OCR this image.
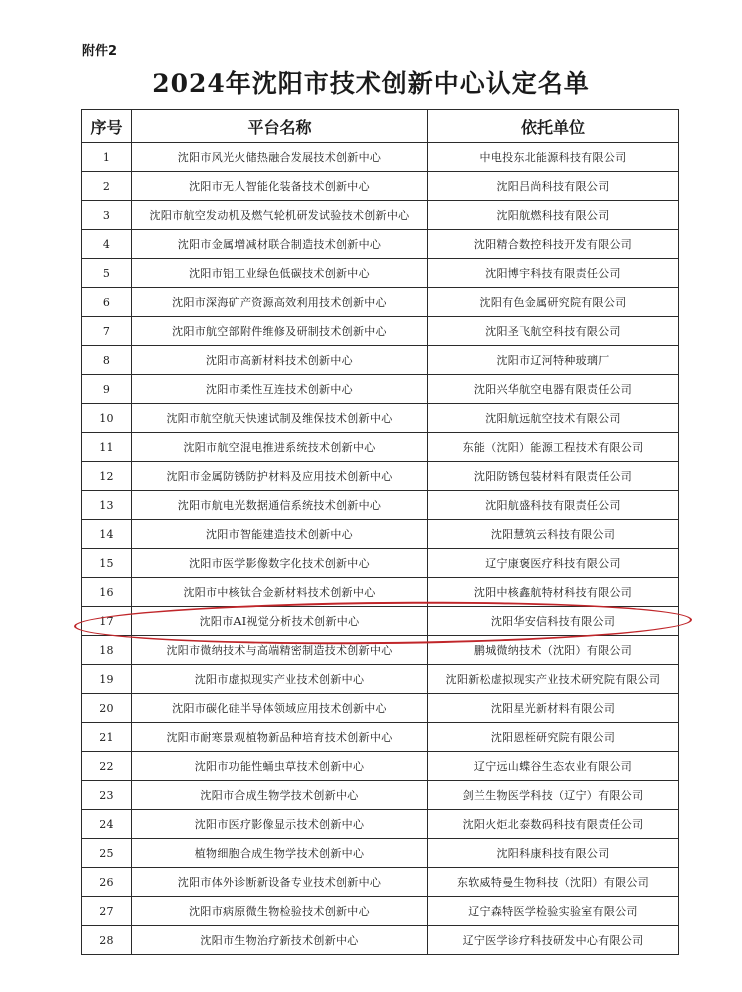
附件2
2024年沈阳市技术创新中心认定名单
序号	平台名称	依托单位
1	沈阳市风光火储热融合发展技术创新中心	中电投东北能源科技有限公司
2	沈阳市无人智能化装备技术创新中心	沈阳吕尚科技有限公司
3	沈阳市航空发动机及燃气轮机研发试验技术创新中心	沈阳航燃科技有限公司
4	沈阳市金属增减材联合制造技术创新中心	沈阳精合数控科技开发有限公司
5	沈阳市铝工业绿色低碳技术创新中心	沈阳博宇科技有限责任公司
6	沈阳市深海矿产资源高效利用技术创新中心	沈阳有色金属研究院有限公司
7	沈阳市航空部附件维修及研制技术创新中心	沈阳圣飞航空科技有限公司
8	沈阳市高新材料技术创新中心	沈阳市辽河特种玻璃厂
9	沈阳市柔性互连技术创新中心	沈阳兴华航空电器有限责任公司
10	沈阳市航空航天快速试制及维保技术创新中心	沈阳航远航空技术有限公司
11	沈阳市航空混电推进系统技术创新中心	东能（沈阳）能源工程技术有限公司
12	沈阳市金属防锈防护材料及应用技术创新中心	沈阳防锈包装材料有限责任公司
13	沈阳市航电光数据通信系统技术创新中心	沈阳航盛科技有限责任公司
14	沈阳市智能建造技术创新中心	沈阳慧筑云科技有限公司
15	沈阳市医学影像数字化技术创新中心	辽宁康褒医疗科技有限公司
16	沈阳市中核钛合金新材料技术创新中心	沈阳中核鑫航特材科技有限公司
17	沈阳市AI视觉分析技术创新中心	沈阳华安信科技有限公司
18	沈阳市微纳技术与高端精密制造技术创新中心	鹏城微纳技术（沈阳）有限公司
19	沈阳市虚拟现实产业技术创新中心	沈阳新松虚拟现实产业技术研究院有限公司
20	沈阳市碳化硅半导体领域应用技术创新中心	沈阳星光新材料有限公司
21	沈阳市耐寒景观植物新品种培育技术创新中心	沈阳恩桎研究院有限公司
22	沈阳市功能性蛹虫草技术创新中心	辽宁远山蝶谷生态农业有限公司
23	沈阳市合成生物学技术创新中心	剑兰生物医学科技（辽宁）有限公司
24	沈阳市医疗影像显示技术创新中心	沈阳火炬北泰数码科技有限责任公司
25	植物细胞合成生物学技术创新中心	沈阳科康科技有限公司
26	沈阳市体外诊断新设备专业技术创新中心	东软威特曼生物科技（沈阳）有限公司
27	沈阳市病原微生物检验技术创新中心	辽宁森特医学检验实验室有限公司
28	沈阳市生物治疗新技术创新中心	辽宁医学诊疗科技研发中心有限公司
